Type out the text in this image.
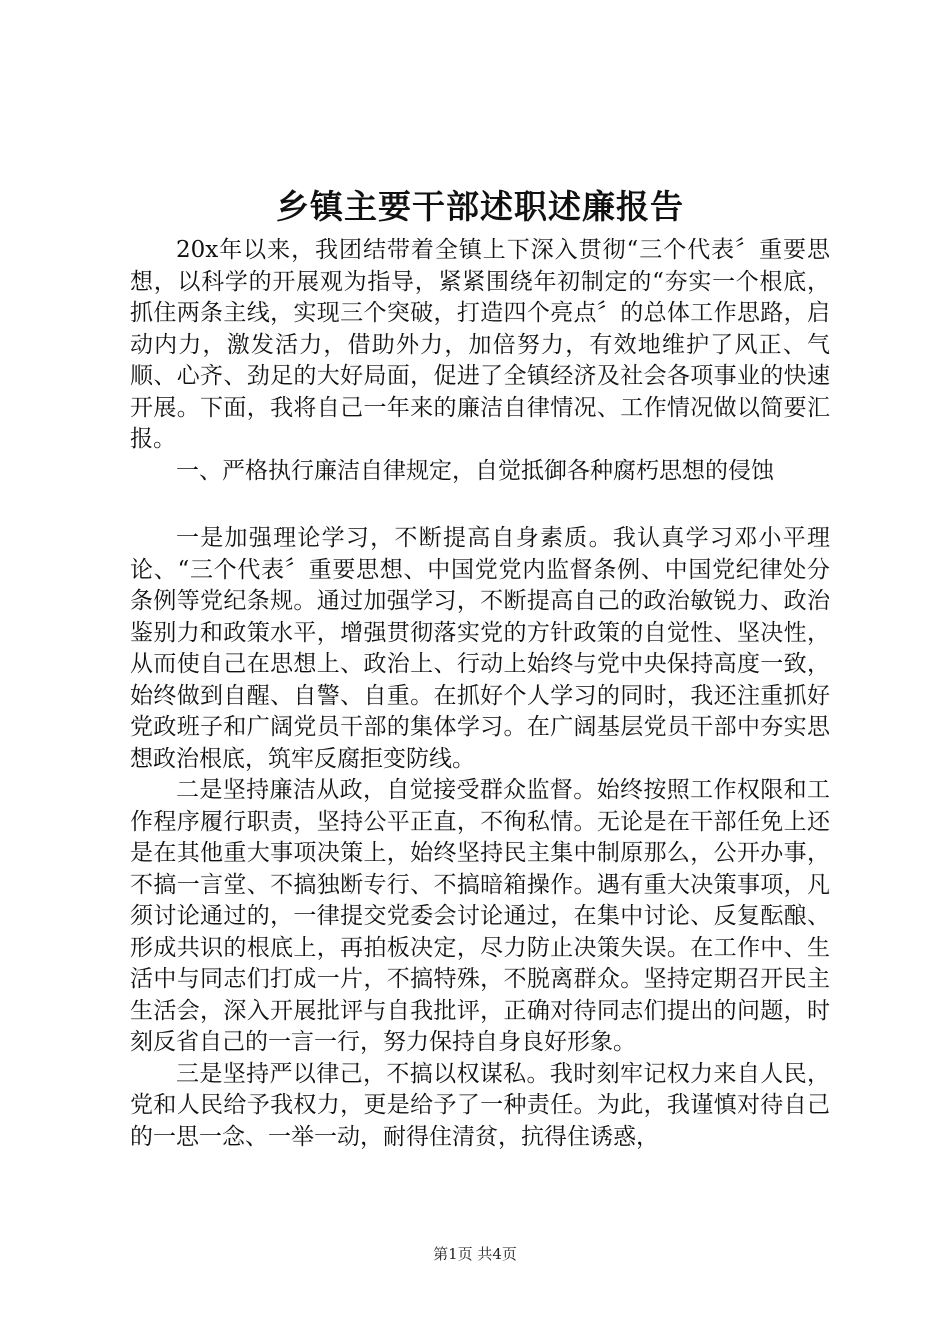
乡镇主要干部述职述廉报告

20x年以来，我团结带着全镇上下深入贯彻“三个代表〞重要思想，以科学的开展观为指导，紧紧围绕年初制定的“夯实一个根底，抓住两条主线，实现三个突破，打造四个亮点〞的总体工作思路，启动内力，激发活力，借助外力，加倍努力，有效地维护了风正、气顺、心齐、劲足的大好局面，促进了全镇经济及社会各项事业的快速开展。下面，我将自己一年来的廉洁自律情况、工作情况做以简要汇报。

一、严格执行廉洁自律规定，自觉抵御各种腐朽思想的侵蚀

一是加强理论学习，不断提高自身素质。我认真学习邓小平理论、“三个代表〞重要思想、中国党党内监督条例、中国党纪律处分条例等党纪条规。通过加强学习，不断提高自己的政治敏锐力、政治鉴别力和政策水平，增强贯彻落实党的方针政策的自觉性、坚决性，从而使自己在思想上、政治上、行动上始终与党中央保持高度一致，始终做到自醒、自警、自重。在抓好个人学习的同时，我还注重抓好党政班子和广阔党员干部的集体学习。在广阔基层党员干部中夯实思想政治根底，筑牢反腐拒变防线。

二是坚持廉洁从政，自觉接受群众监督。始终按照工作权限和工作程序履行职责，坚持公平正直，不徇私情。无论是在干部任免上还是在其他重大事项决策上，始终坚持民主集中制原那么，公开办事，不搞一言堂、不搞独断专行、不搞暗箱操作。遇有重大决策事项，凡须讨论通过的，一律提交党委会讨论通过，在集中讨论、反复酝酿、形成共识的根底上，再拍板决定，尽力防止决策失误。在工作中、生活中与同志们打成一片，不搞特殊，不脱离群众。坚持定期召开民主生活会，深入开展批评与自我批评，正确对待同志们提出的问题，时刻反省自己的一言一行，努力保持自身良好形象。

三是坚持严以律己，不搞以权谋私。我时刻牢记权力来自人民，党和人民给予我权力，更是给予了一种责任。为此，我谨慎对待自己的一思一念、一举一动，耐得住清贫，抗得住诱惑，

第1页 共4页
